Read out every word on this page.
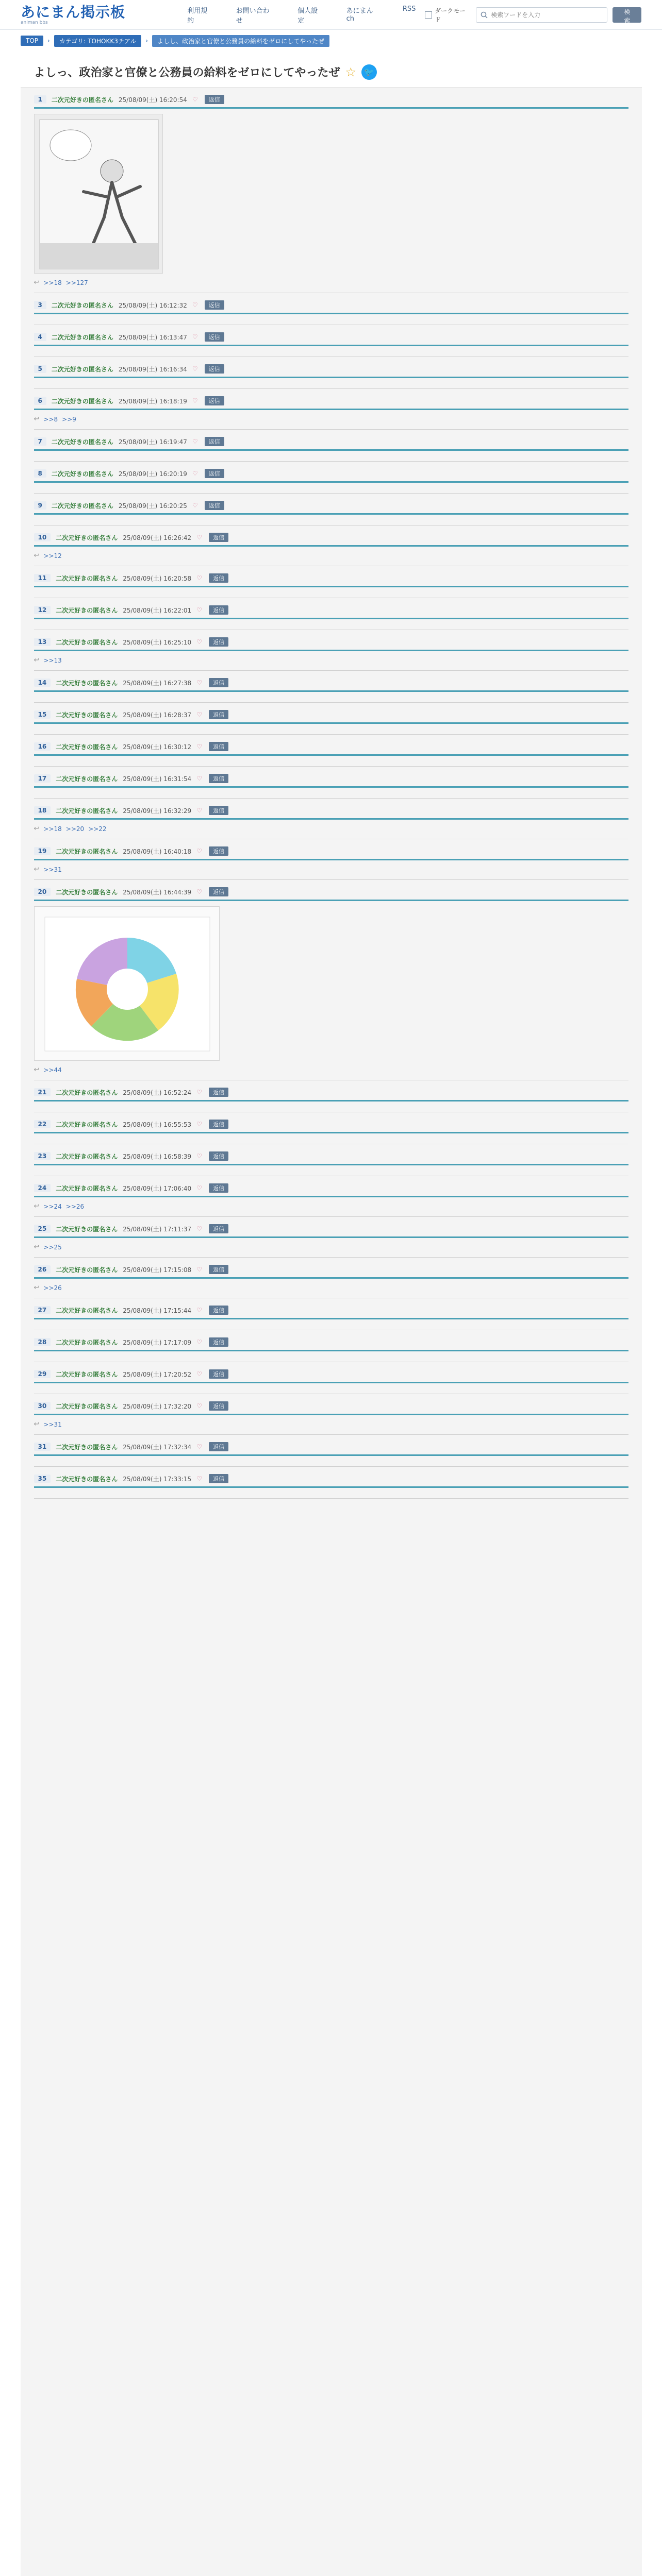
あにまん掲示板
animan bbs
利用規約
お問い合わせ
個人設定
あにまんch
RSS	ダークモード
検索ワードを入力
検索
TOP	›	カテゴリ: TOHOKK3チアル	›	よしし、政治家と官僚と公務員の給料をゼロにしてやったぜ
よしっ、政治家と官僚と公務員の給料をゼロにしてやったぜ ☆ 🐦
1	二次元好きの匿名さん 25/08/09(土) 16:20:54 ♡	返信
↩ >>18 >>127
3	二次元好きの匿名さん 25/08/09(土) 16:12:32 ♡	返信
4	二次元好きの匿名さん 25/08/09(土) 16:13:47 ♡	返信
5	二次元好きの匿名さん 25/08/09(土) 16:16:34 ♡	返信
6	二次元好きの匿名さん 25/08/09(土) 16:18:19 ♡	返信
↩ >>8 >>9
7	二次元好きの匿名さん 25/08/09(土) 16:19:47 ♡	返信
8	二次元好きの匿名さん 25/08/09(土) 16:20:19 ♡	返信
9	二次元好きの匿名さん 25/08/09(土) 16:20:25 ♡	返信
10	二次元好きの匿名さん 25/08/09(土) 16:26:42 ♡	返信
↩ >>12
11	二次元好きの匿名さん 25/08/09(土) 16:20:58 ♡	返信
12	二次元好きの匿名さん 25/08/09(土) 16:22:01 ♡	返信
13	二次元好きの匿名さん 25/08/09(土) 16:25:10 ♡	返信
↩ >>13
14	二次元好きの匿名さん 25/08/09(土) 16:27:38 ♡	返信
15	二次元好きの匿名さん 25/08/09(土) 16:28:37 ♡	返信
16	二次元好きの匿名さん 25/08/09(土) 16:30:12 ♡	返信
17	二次元好きの匿名さん 25/08/09(土) 16:31:54 ♡	返信
18	二次元好きの匿名さん 25/08/09(土) 16:32:29 ♡	返信
↩ >>18 >>20 >>22
19	二次元好きの匿名さん 25/08/09(土) 16:40:18 ♡	返信
↩ >>31
20	二次元好きの匿名さん 25/08/09(土) 16:44:39 ♡	返信
↩ >>44
21	二次元好きの匿名さん 25/08/09(土) 16:52:24 ♡	返信
22	二次元好きの匿名さん 25/08/09(土) 16:55:53 ♡	返信
23	二次元好きの匿名さん 25/08/09(土) 16:58:39 ♡	返信
24	二次元好きの匿名さん 25/08/09(土) 17:06:40 ♡	返信
↩ >>24 >>26
25	二次元好きの匿名さん 25/08/09(土) 17:11:37 ♡	返信
↩ >>25
26	二次元好きの匿名さん 25/08/09(土) 17:15:08 ♡	返信
↩ >>26
27	二次元好きの匿名さん 25/08/09(土) 17:15:44 ♡	返信
28	二次元好きの匿名さん 25/08/09(土) 17:17:09 ♡	返信
29	二次元好きの匿名さん 25/08/09(土) 17:20:52 ♡	返信
30	二次元好きの匿名さん 25/08/09(土) 17:32:20 ♡	返信
↩ >>31
31	二次元好きの匿名さん 25/08/09(土) 17:32:34 ♡	返信
35	二次元好きの匿名さん 25/08/09(土) 17:33:15 ♡	返信
